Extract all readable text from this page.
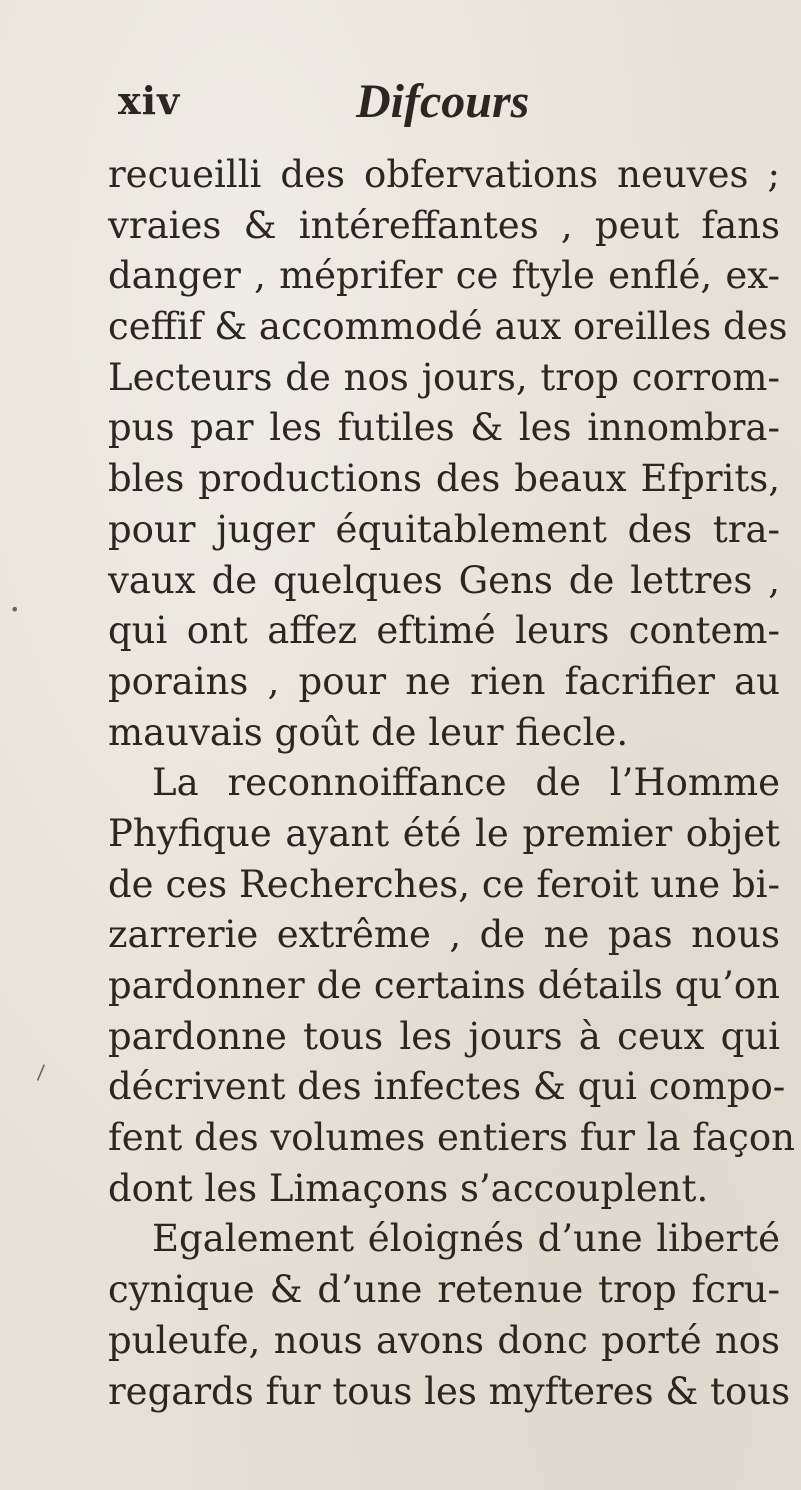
xiv	Difcours
recueilli des obfervations neuves ;
vraies & intéreffantes , peut fans
danger , méprifer ce ftyle enflé, ex-
ceffif & accommodé aux oreilles des
Lecteurs de nos jours, trop corrom-
pus par les futiles & les innombra-
bles productions des beaux Efprits,
pour juger équitablement des tra-
vaux de quelques Gens de lettres ,
qui ont affez eftimé leurs contem-
porains , pour ne rien facrifier au
mauvais goût de leur fiecle.
La reconnoiffance de l’Homme
Phyfique ayant été le premier objet
de ces Recherches, ce feroit une bi-
zarrerie extrême , de ne pas nous
pardonner de certains détails qu’on
pardonne tous les jours à ceux qui
décrivent des infectes & qui compo-
fent des volumes entiers fur la façon
dont les Limaçons s’accouplent.
Egalement éloignés d’une liberté
cynique & d’une retenue trop fcru-
puleufe, nous avons donc porté nos
regards fur tous les myfteres & tous
•
\
